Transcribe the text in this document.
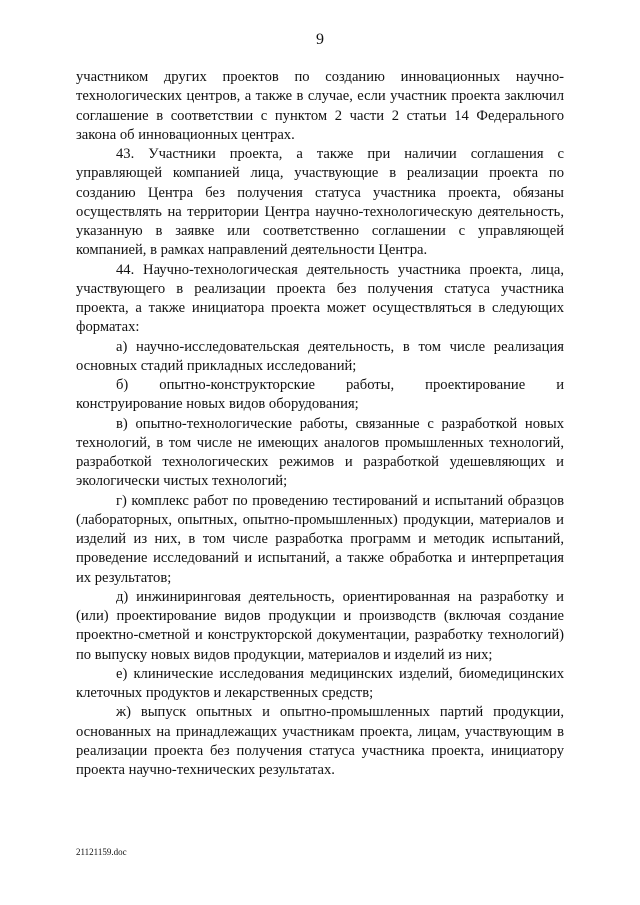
9

участником других проектов по созданию инновационных научно-технологических центров, а также в случае, если участник проекта заключил соглашение в соответствии с пунктом 2 части 2 статьи 14 Федерального закона об инновационных центрах.

43. Участники проекта, а также при наличии соглашения с управляющей компанией лица, участвующие в реализации проекта по созданию Центра без получения статуса участника проекта, обязаны осуществлять на территории Центра научно-технологическую деятельность, указанную в заявке или соответственно соглашении с управляющей компанией, в рамках направлений деятельности Центра.

44. Научно-технологическая деятельность участника проекта, лица, участвующего в реализации проекта без получения статуса участника проекта, а также инициатора проекта может осуществляться в следующих форматах:

а) научно-исследовательская деятельность, в том числе реализация основных стадий прикладных исследований;

б) опытно-конструкторские работы, проектирование и конструирование новых видов оборудования;

в) опытно-технологические работы, связанные с разработкой новых технологий, в том числе не имеющих аналогов промышленных технологий, разработкой технологических режимов и разработкой удешевляющих и экологически чистых технологий;

г) комплекс работ по проведению тестирований и испытаний образцов (лабораторных, опытных, опытно-промышленных) продукции, материалов и изделий из них, в том числе разработка программ и методик испытаний, проведение исследований и испытаний, а также обработка и интерпретация их результатов;

д) инжиниринговая деятельность, ориентированная на разработку и (или) проектирование видов продукции и производств (включая создание проектно-сметной и конструкторской документации, разработку технологий) по выпуску новых видов продукции, материалов и изделий из них;

е) клинические исследования медицинских изделий, биомедицинских клеточных продуктов и лекарственных средств;

ж) выпуск опытных и опытно-промышленных партий продукции, основанных на принадлежащих участникам проекта, лицам, участвующим в реализации проекта без получения статуса участника проекта, инициатору проекта научно-технических результатах.

21121159.doc
